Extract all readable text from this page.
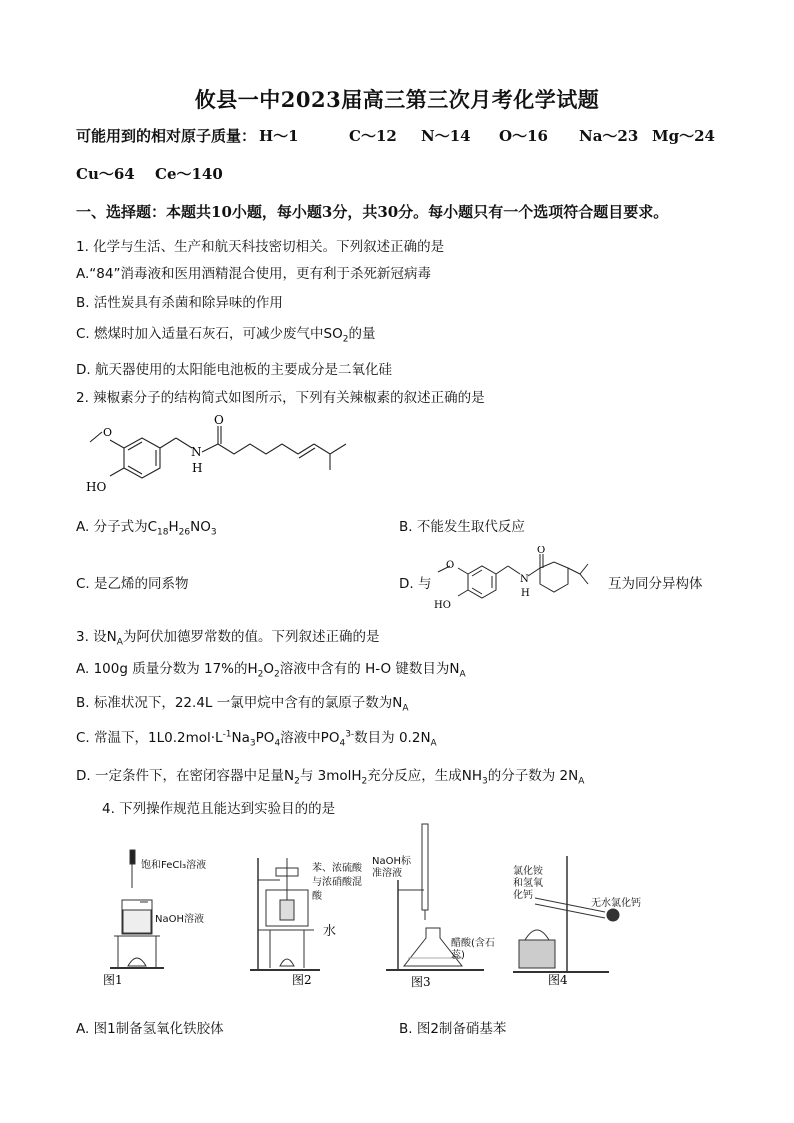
攸县一中2023届高三第三次月考化学试题
可能用到的相对原子质量： H～1	C～12 N～14 O～16 Na～23 Mg～24
Cu～64 Ce～140
一、选择题：本题共10小题，每小题3分，共30分。每小题只有一个选项符合题目要求。
1. 化学与生活、生产和航天科技密切相关。下列叙述正确的是
A.“84”消毒液和医用酒精混合使用，更有利于杀死新冠病毒
B. 活性炭具有杀菌和除异味的作用
C. 燃煤时加入适量石灰石，可减少废气中$SO_2$的量
D. 航天器使用的太阳能电池板的主要成分是二氧化硅
2. 辣椒素分子的结构简式如图所示，下列有关辣椒素的叙述正确的是
O
HO
N
H
O
A. 分子式为$C_{18}H_{26}NO_3$	B. 不能发生取代反应
C. 是乙烯的同系物	D. 与
O
HO
N
H
O
互为同分异构体
3. 设$N_A$为阿伏加德罗常数的值。下列叙述正确的是
A. 100g 质量分数为 17%的$H_2O_2$溶液中含有的 H-O 键数目为$N_A$
B. 标准状况下，22.4L 一氯甲烷中含有的氯原子数为$N_A$
C. 常温下，$1L0.2mol\cdot L^{-1}Na_3PO_4$溶液中$PO_4^{3-}$数目为 $0.2N_A$
D. 一定条件下，在密闭容器中足量$N_2$与 3molH$_2$充分反应，生成$NH_3$的分子数为 $2N_A$
4. 下列操作规范且能达到实验目的的是
图1
饱和FeCl₃溶液
NaOH溶液
图2
苯、浓硫酸与浓硝酸混酸
水
图3
NaOH标准溶液
醋酸(含石蕊)
图4
氯化铵和氢氧化钙
无水氯化钙
A. 图1制备氢氧化铁胶体	B. 图2制备硝基苯
